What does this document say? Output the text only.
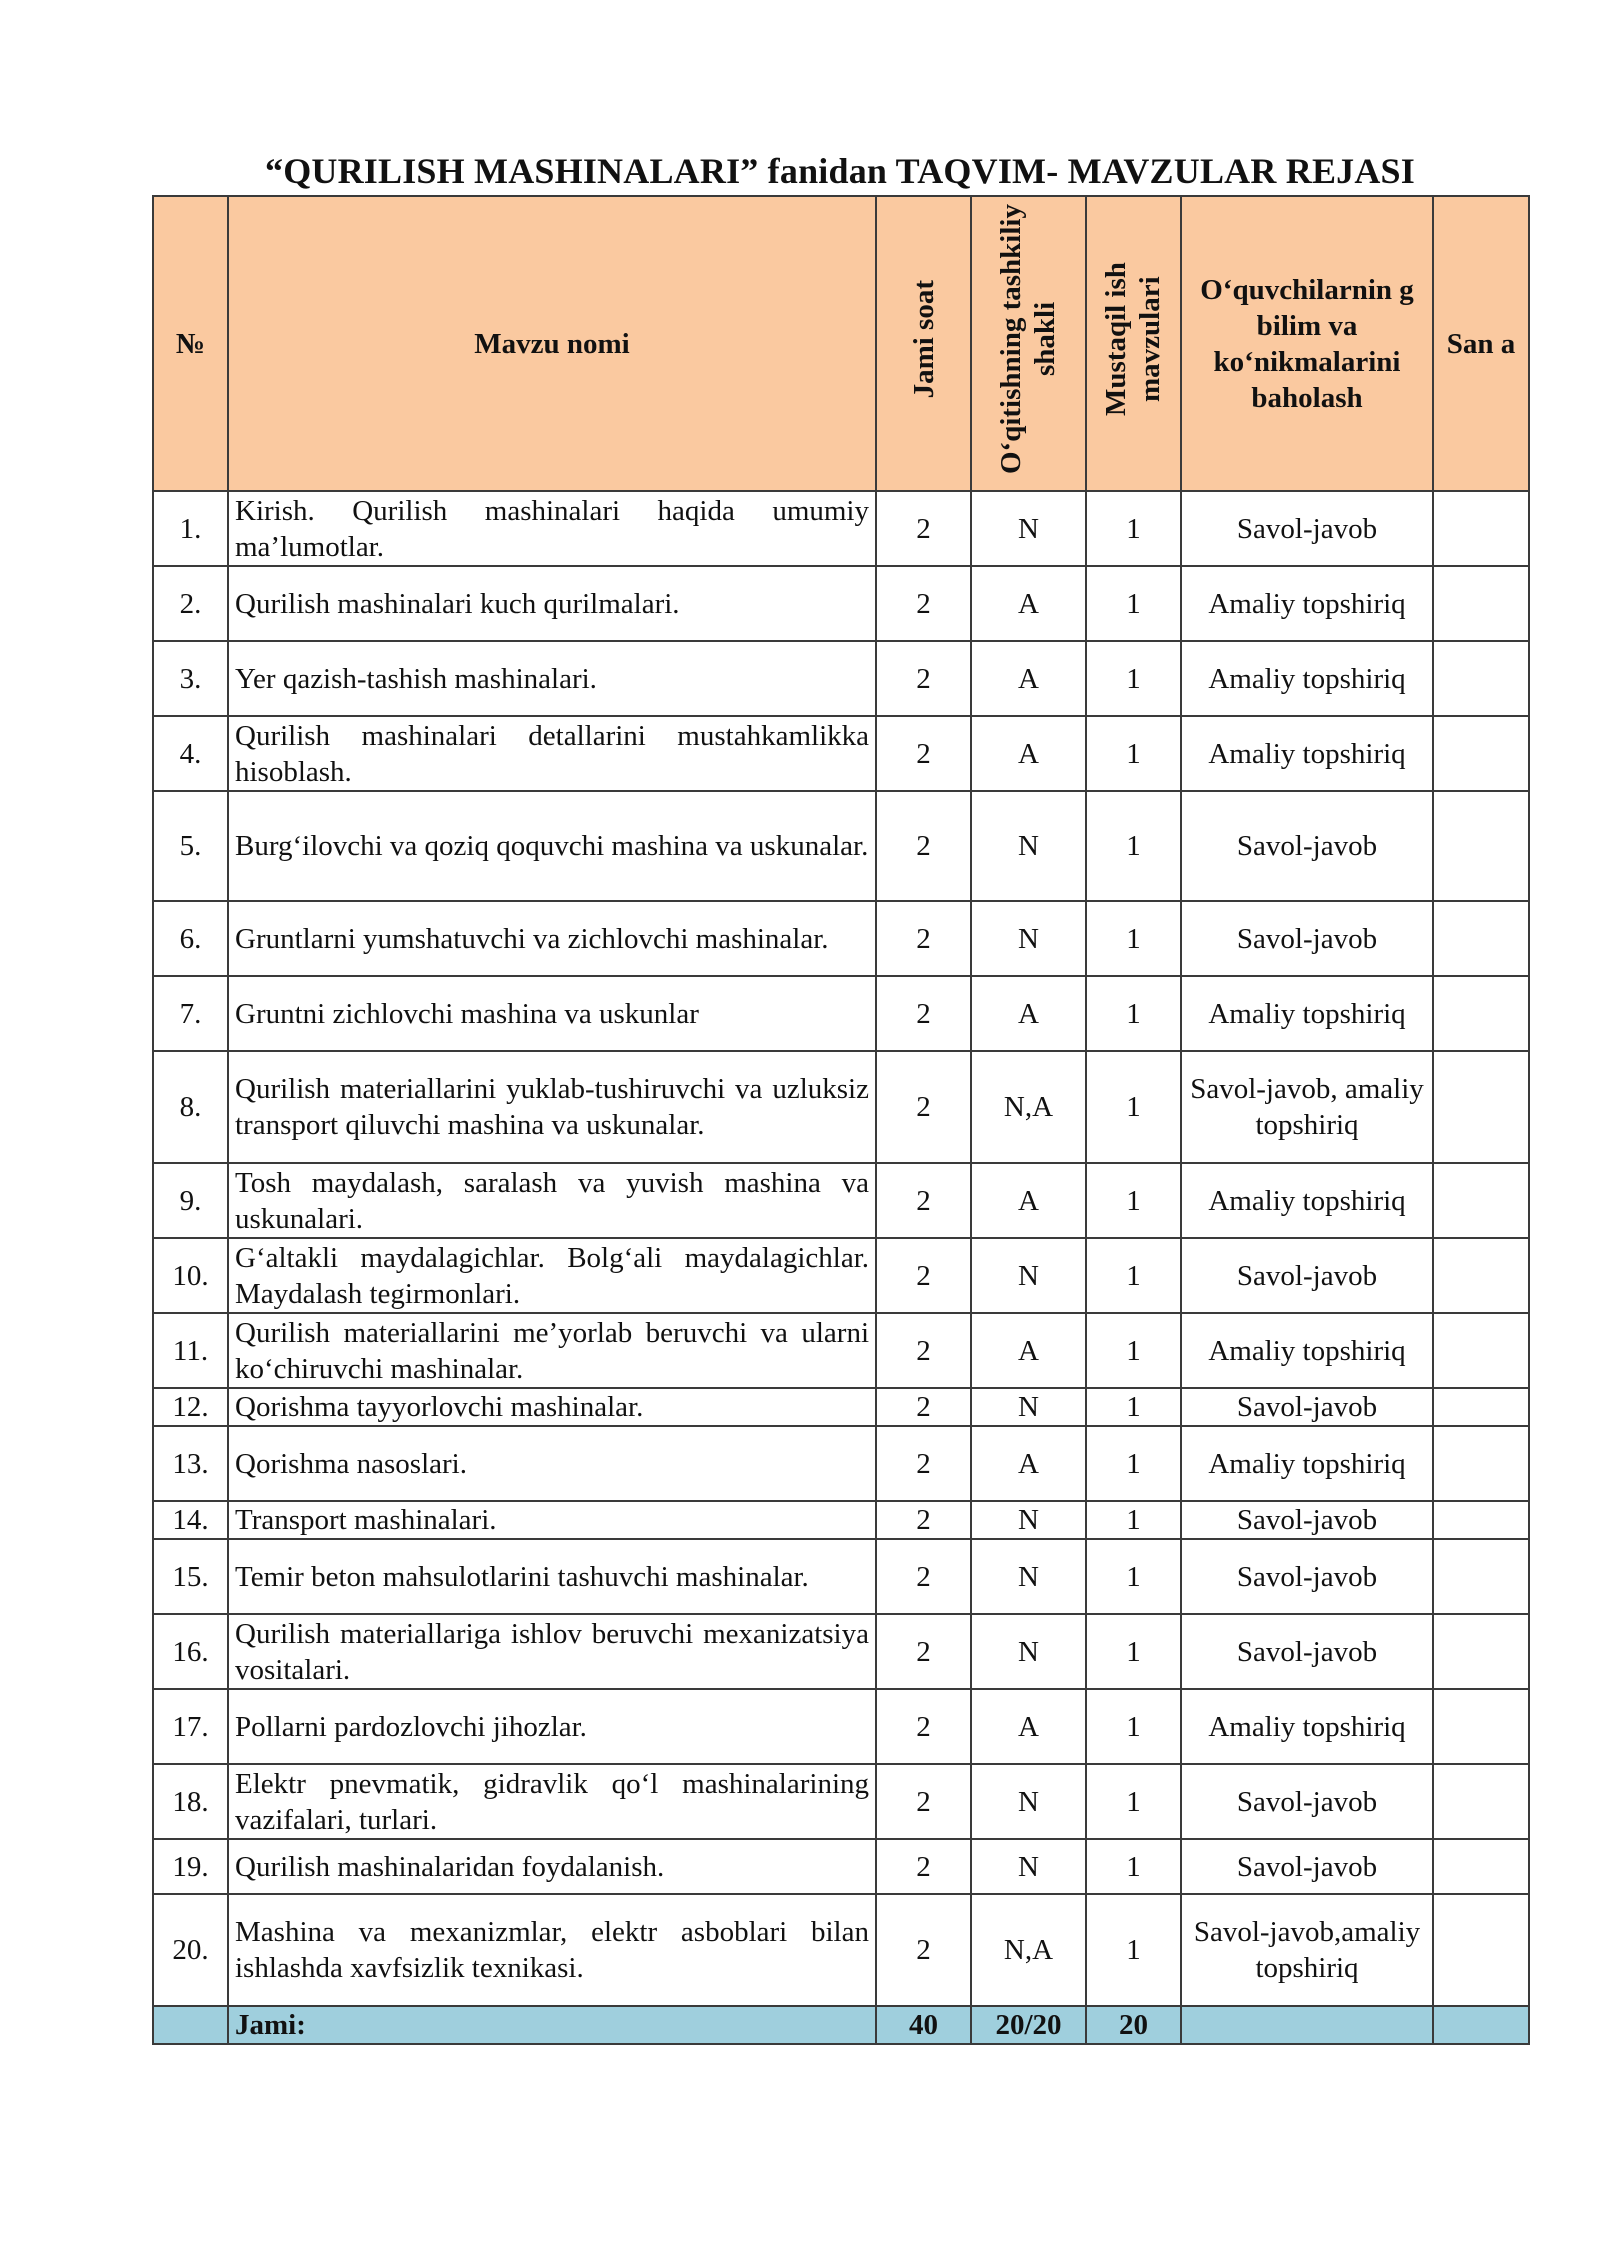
“QURILISH MASHINALARI” fanidan TAQVIM- MAVZULAR REJASI
№	Mavzu nomi	Jami soat	O‘qitishning tashkiliy shakli	Mustaqil ish mavzulari	O‘quvchilarnin g bilim va ko‘nikmalarini baholash	San a
1.	Kirish. Qurilish mashinalari haqida umumiy ma’lumotlar.	2	N	1	Savol-javob	
2.	Qurilish mashinalari kuch qurilmalari.	2	A	1	Amaliy topshiriq	
3.	Yer qazish-tashish mashinalari.	2	A	1	Amaliy topshiriq	
4.	Qurilish mashinalari detallarini mustahkamlikka hisoblash.	2	A	1	Amaliy topshiriq	
5.	Burg‘ilovchi va qoziq qoquvchi mashina va uskunalar.	2	N	1	Savol-javob	
6.	Gruntlarni yumshatuvchi va zichlovchi mashinalar.	2	N	1	Savol-javob	
7.	Gruntni zichlovchi mashina va uskunlar	2	A	1	Amaliy topshiriq	
8.	Qurilish materiallarini yuklab-tushiruvchi va uzluksiz transport qiluvchi mashina va uskunalar.	2	N,A	1	Savol-javob, amaliy topshiriq	
9.	Tosh maydalash, saralash va yuvish mashina va uskunalari.	2	A	1	Amaliy topshiriq	
10.	G‘altakli maydalagichlar. Bolg‘ali maydalagichlar. Maydalash tegirmonlari.	2	N	1	Savol-javob	
11.	Qurilish materiallarini me’yorlab beruvchi va ularni ko‘chiruvchi mashinalar.	2	A	1	Amaliy topshiriq	
12.	Qorishma tayyorlovchi mashinalar.	2	N	1	Savol-javob	
13.	Qorishma nasoslari.	2	A	1	Amaliy topshiriq	
14.	Transport mashinalari.	2	N	1	Savol-javob	
15.	Temir beton mahsulotlarini tashuvchi mashinalar.	2	N	1	Savol-javob	
16.	Qurilish materiallariga ishlov beruvchi mexanizatsiya vositalari.	2	N	1	Savol-javob	
17.	Pollarni pardozlovchi jihozlar.	2	A	1	Amaliy topshiriq	
18.	Elektr pnevmatik, gidravlik qo‘l mashinalarining vazifalari, turlari.	2	N	1	Savol-javob	
19.	Qurilish mashinalaridan foydalanish.	2	N	1	Savol-javob	
20.	Mashina va mexanizmlar, elektr asboblari bilan ishlashda xavfsizlik texnikasi.	2	N,A	1	Savol-javob,amaliy topshiriq	
	Jami:	40	20/20	20		
